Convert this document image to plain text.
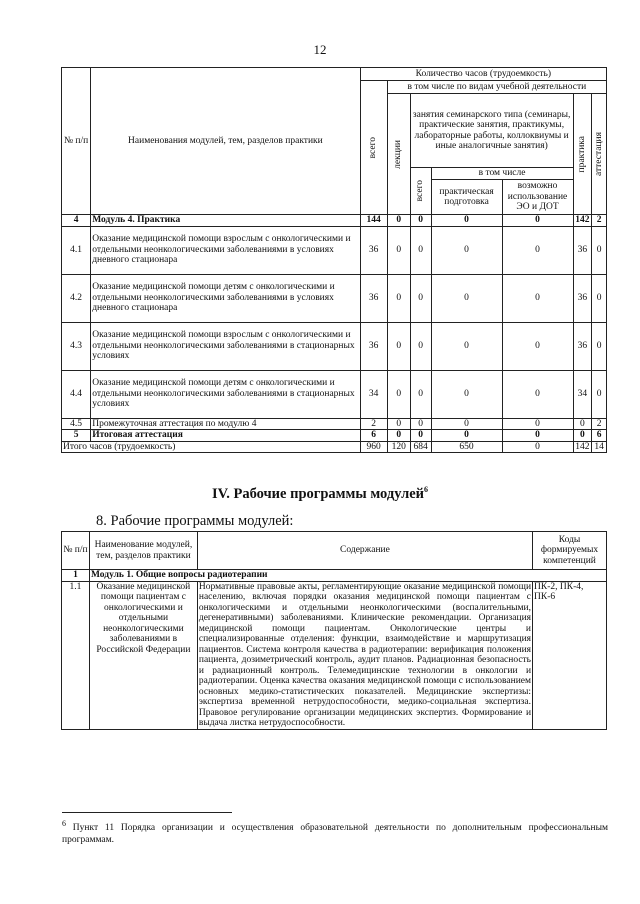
12
№ п/п	Наименования модулей, тем, разделов практики	Количество часов (трудоемкость)						

		всего	в том числе по видам учебной деятельности					

			лекции	занятия семинарского типа (семинары, практические занятия, практикумы, лабораторные работы, коллоквиумы и иные аналогичные занятия)			практика	аттестация

				всего	в том числе			
					практическая подготовка	возможно использование ЭО и ДОТ		
4	Модуль 4. Практика	144	0	0	0	0	142	2
4.1	Оказание медицинской помощи взрослым с онкологическими и отдельными неонкологическими заболеваниями в условиях дневного стационара	36	0	0	0	0	36	0
4.2	Оказание медицинской помощи детям с онкологическими и отдельными неонкологическими заболеваниями в условиях дневного стационара	36	0	0	0	0	36	0
4.3	Оказание медицинской помощи взрослым с онкологическими и отдельными неонкологическими заболеваниями в стационарных условиях	36	0	0	0	0	36	0
4.4	Оказание медицинской помощи детям с онкологическими и отдельными неонкологическими заболеваниями в стационарных условиях	34	0	0	0	0	34	0
4.5	Промежуточная аттестация по модулю 4	2	0	0	0	0	0	2
5	Итоговая аттестация	6	0	0	0	0	0	6
Итого часов (трудоемкость)		960	120	684	650	0	142	14
IV. Рабочие программы модулей$^6$
8. Рабочие программы модулей:
№ п/п	Наименование модулей, тем, разделов практики	Содержание	Коды формируемых компетенций
1	Модуль 1. Общие вопросы радиотерапии		
1.1	Оказание медицинской помощи пациентам с онкологическими и отдельными неонкологическими заболеваниями в Российской Федерации	Нормативные правовые акты, регламентирующие оказание медицинской помощи населению, включая порядки оказания медицинской помощи пациентам с онкологическими и отдельными неонкологическими (воспалительными, дегенеративными) заболеваниями. Клинические рекомендации. Организация медицинской помощи пациентам. Онкологические центры и специализированные отделения: функции, взаимодействие и маршрутизация пациентов. Система контроля качества в радиотерапии: верификация положения пациента, дозиметрический контроль, аудит планов. Радиационная безопасность и радиационный контроль. Телемедицинские технологии в онкологии и радиотерапии. Оценка качества оказания медицинской помощи с использованием основных медико-статистических показателей. Медицинские экспертизы: экспертиза временной нетрудоспособности, медико-социальная экспертиза. Правовое регулирование организации медицинских экспертиз. Формирование и выдача листка нетрудоспособности.	ПК-2, ПК-4, ПК-6
$^6$ Пункт 11 Порядка организации и осуществления образовательной деятельности по дополнительным профессиональным программам.
